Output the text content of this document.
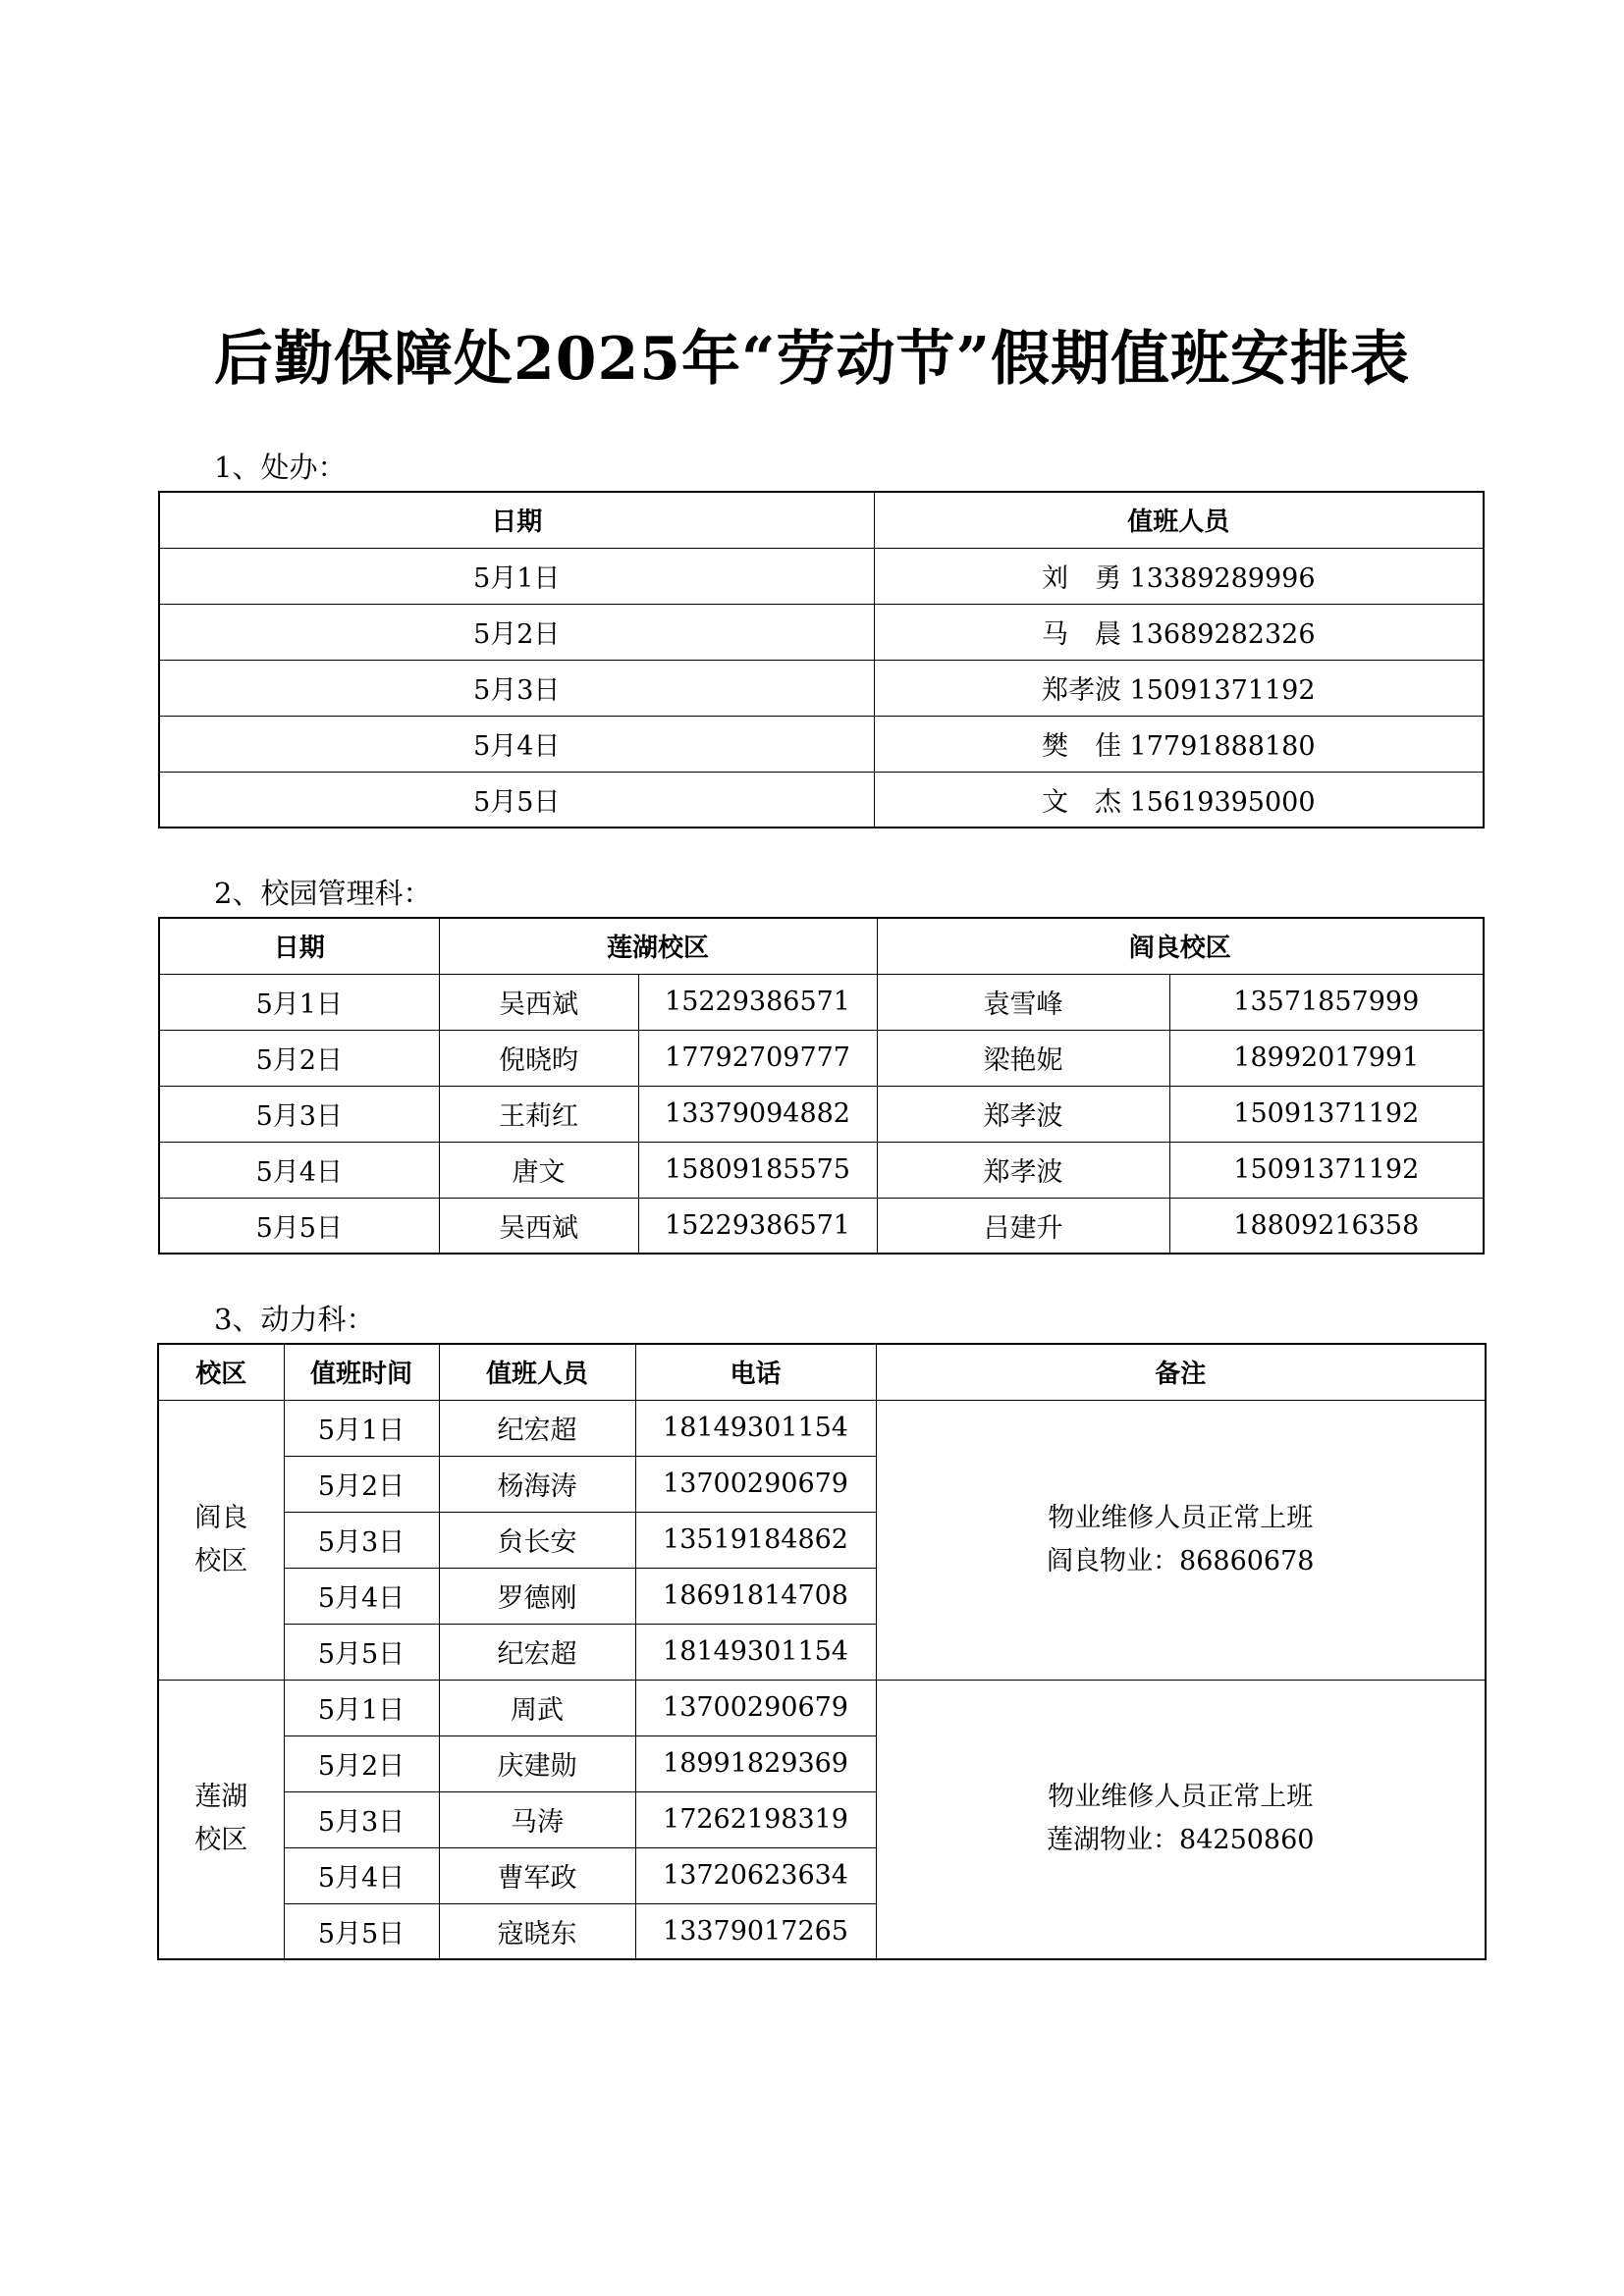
后勤保障处2025年“劳动节”假期值班安排表

1、处办：

日期	值班人员
5月1日	刘　勇 13389289996
5月2日	马　晨 13689282326
5月3日	郑孝波 15091371192
5月4日	樊　佳 17791888180
5月5日	文　杰 15619395000

2、校园管理科：

日期	莲湖校区		阎良校区	
5月1日	吴西斌	15229386571	袁雪峰	13571857999
5月2日	倪晓昀	17792709777	梁艳妮	18992017991
5月3日	王莉红	13379094882	郑孝波	15091371192
5月4日	唐文	15809185575	郑孝波	15091371192
5月5日	吴西斌	15229386571	吕建升	18809216358

3、动力科：

校区	值班时间	值班人员	电话	备注
阎良
校区	5月1日	纪宏超	18149301154	物业维修人员正常上班
阎良物业：86860678
	5月2日	杨海涛	13700290679	
	5月3日	贠长安	13519184862	
	5月4日	罗德刚	18691814708	
	5月5日	纪宏超	18149301154	
莲湖
校区	5月1日	周武	13700290679	物业维修人员正常上班
莲湖物业：84250860
	5月2日	庆建勋	18991829369	
	5月3日	马涛	17262198319	
	5月4日	曹军政	13720623634	
	5月5日	寇晓东	13379017265	
